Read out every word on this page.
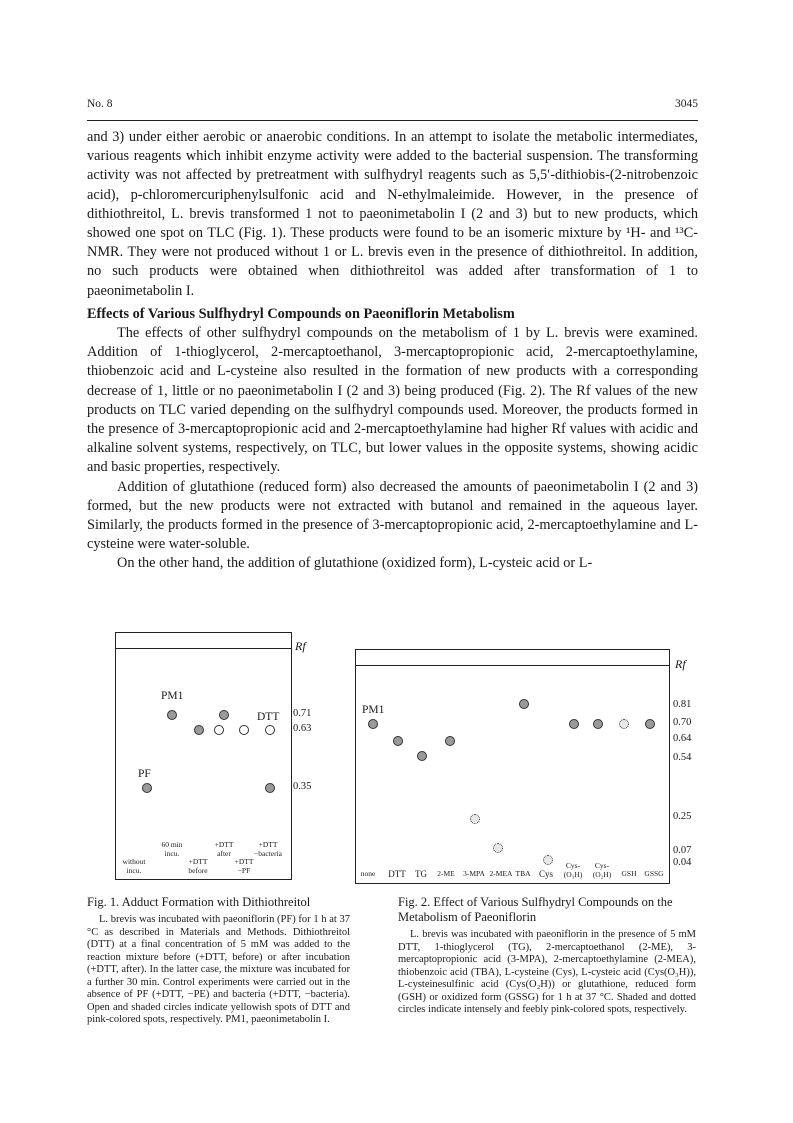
No. 8	3045

and 3) under either aerobic or anaerobic conditions. In an attempt to isolate the metabolic intermediates, various reagents which inhibit enzyme activity were added to the bacterial suspension. The transforming activity was not affected by pretreatment with sulfhydryl reagents such as 5,5′-dithiobis-(2-nitrobenzoic acid), p-chloromercuriphenylsulfonic acid and N-ethylmaleimide. However, in the presence of dithiothreitol, L. brevis transformed 1 not to paeonimetabolin I (2 and 3) but to new products, which showed one spot on TLC (Fig. 1). These products were found to be an isomeric mixture by ¹H- and ¹³C-NMR. They were not produced without 1 or L. brevis even in the presence of dithiothreitol. In addition, no such products were obtained when dithiothreitol was added after transformation of 1 to paeonimetabolin I.

Effects of Various Sulfhydryl Compounds on Paeoniflorin Metabolism

The effects of other sulfhydryl compounds on the metabolism of 1 by L. brevis were examined. Addition of 1-thioglycerol, 2-mercaptoethanol, 3-mercaptopropionic acid, 2-mercaptoethylamine, thiobenzoic acid and L-cysteine also resulted in the formation of new products with a corresponding decrease of 1, little or no paeonimetabolin I (2 and 3) being produced (Fig. 2). The Rf values of the new products on TLC varied depending on the sulfhydryl compounds used. Moreover, the products formed in the presence of 3-mercaptopropionic acid and 2-mercaptoethylamine had higher Rf values with acidic and alkaline solvent systems, respectively, on TLC, but lower values in the opposite systems, showing acidic and basic properties, respectively.

Addition of glutathione (reduced form) also decreased the amounts of paeonimetabolin I (2 and 3) formed, but the new products were not extracted with butanol and remained in the aqueous layer. Similarly, the products formed in the presence of 3-mercaptopropionic acid, 2-mercaptoethylamine and L-cysteine were water-soluble.

On the other hand, the addition of glutathione (oxidized form), L-cysteic acid or L-

PM1
DTT
PF
without
incu.
60 min
incu.
+DTT
before
+DTT
after
+DTT
−PF
+DTT
−bacteria
Rf
0.71
0.63
0.35
PM1
none	DTT	TG	2-ME	3-MPA 2-MEA TBA Cys
Cys-(O₃H)
Cys-(O₂H)	GSH	GSSG
Rf
0.81
0.70
0.64
0.54
0.25
0.07
0.04

Fig. 1. Adduct Formation with Dithiothreitol

L. brevis was incubated with paeoniflorin (PF) for 1 h at 37 °C as described in Materials and Methods. Dithiothreitol (DTT) at a final concentration of 5 mM was added to the reaction mixture before (+DTT, before) or after incubation (+DTT, after). In the latter case, the mixture was incubated for a further 30 min. Control experiments were carried out in the absence of PF (+DTT, −PE) and bacteria (+DTT, −bacteria). Open and shaded circles indicate yellowish spots of DTT and pink-colored spots, respectively. PM1, paeonimetabolin I.

Fig. 2. Effect of Various Sulfhydryl Compounds on the Metabolism of Paeoniflorin

L. brevis was incubated with paeoniflorin in the presence of 5 mM DTT, 1-thioglycerol (TG), 2-mercaptoethanol (2-ME), 3-mercaptopropionic acid (3-MPA), 2-mercaptoethylamine (2-MEA), thiobenzoic acid (TBA), L-cysteine (Cys), L-cysteic acid (Cys(O₃H)), L-cysteinesulfinic acid (Cys(O₂H)) or glutathione, reduced form (GSH) or oxidized form (GSSG) for 1 h at 37 °C. Shaded and dotted circles indicate intensely and feebly pink-colored spots, respectively.
